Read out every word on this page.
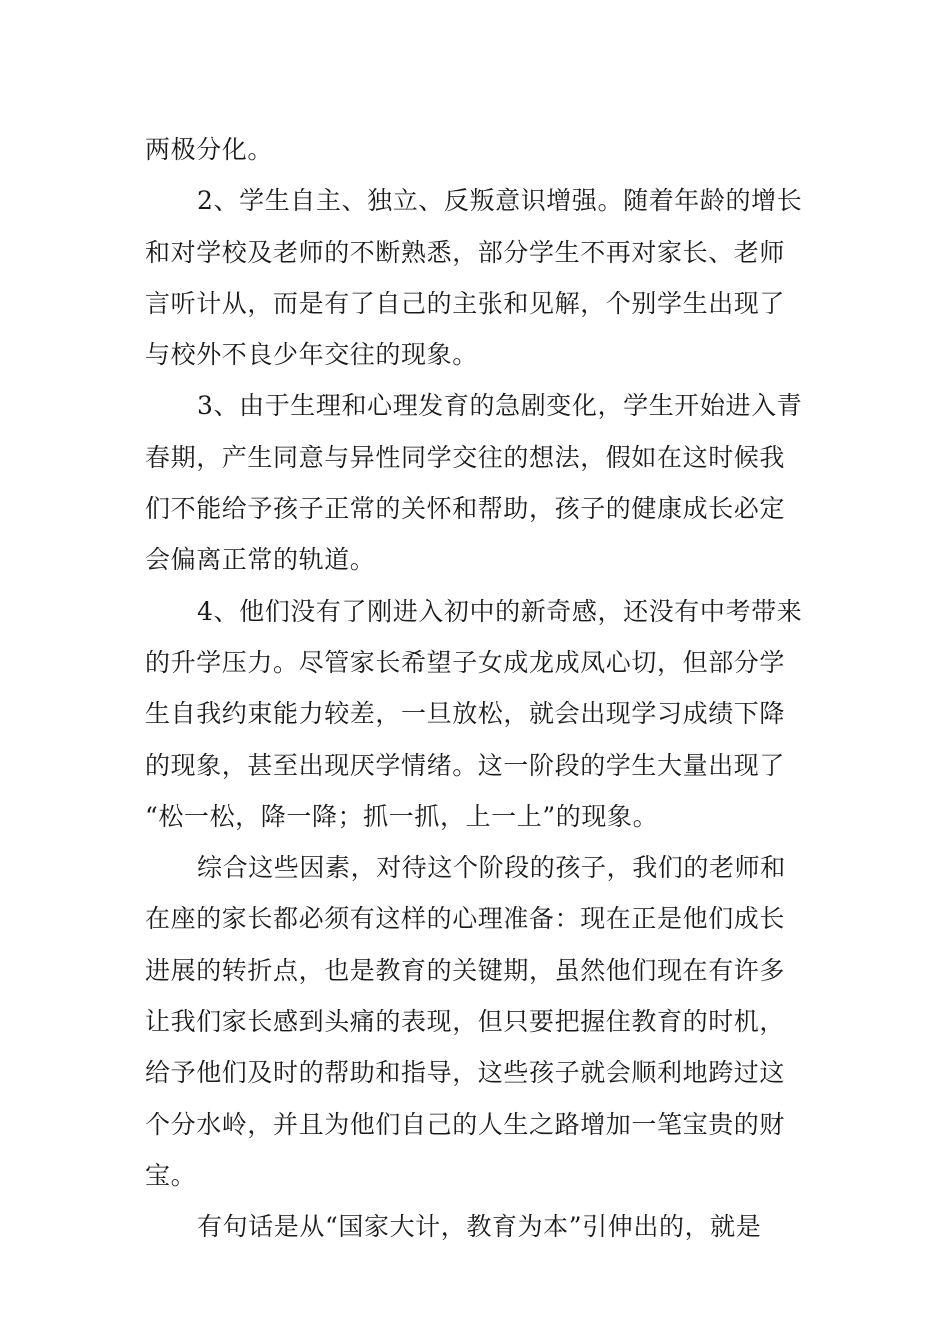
两极分化。
2、学生自主、独立、反叛意识增强。随着年龄的增长
和对学校及老师的不断熟悉，部分学生不再对家长、老师
言听计从，而是有了自己的主张和见解，个别学生出现了
与校外不良少年交往的现象。
3、由于生理和心理发育的急剧变化，学生开始进入青
春期，产生同意与异性同学交往的想法，假如在这时候我
们不能给予孩子正常的关怀和帮助，孩子的健康成长必定
会偏离正常的轨道。
4、他们没有了刚进入初中的新奇感，还没有中考带来
的升学压力。尽管家长希望子女成龙成凤心切，但部分学
生自我约束能力较差，一旦放松，就会出现学习成绩下降
的现象，甚至出现厌学情绪。这一阶段的学生大量出现了
“松一松，降一降；抓一抓，上一上”的现象。
综合这些因素，对待这个阶段的孩子，我们的老师和
在座的家长都必须有这样的心理准备：现在正是他们成长
进展的转折点，也是教育的关键期，虽然他们现在有许多
让我们家长感到头痛的表现，但只要把握住教育的时机，
给予他们及时的帮助和指导，这些孩子就会顺利地跨过这
个分水岭，并且为他们自己的人生之路增加一笔宝贵的财
宝。
有句话是从“国家大计，教育为本”引伸出的，就是
